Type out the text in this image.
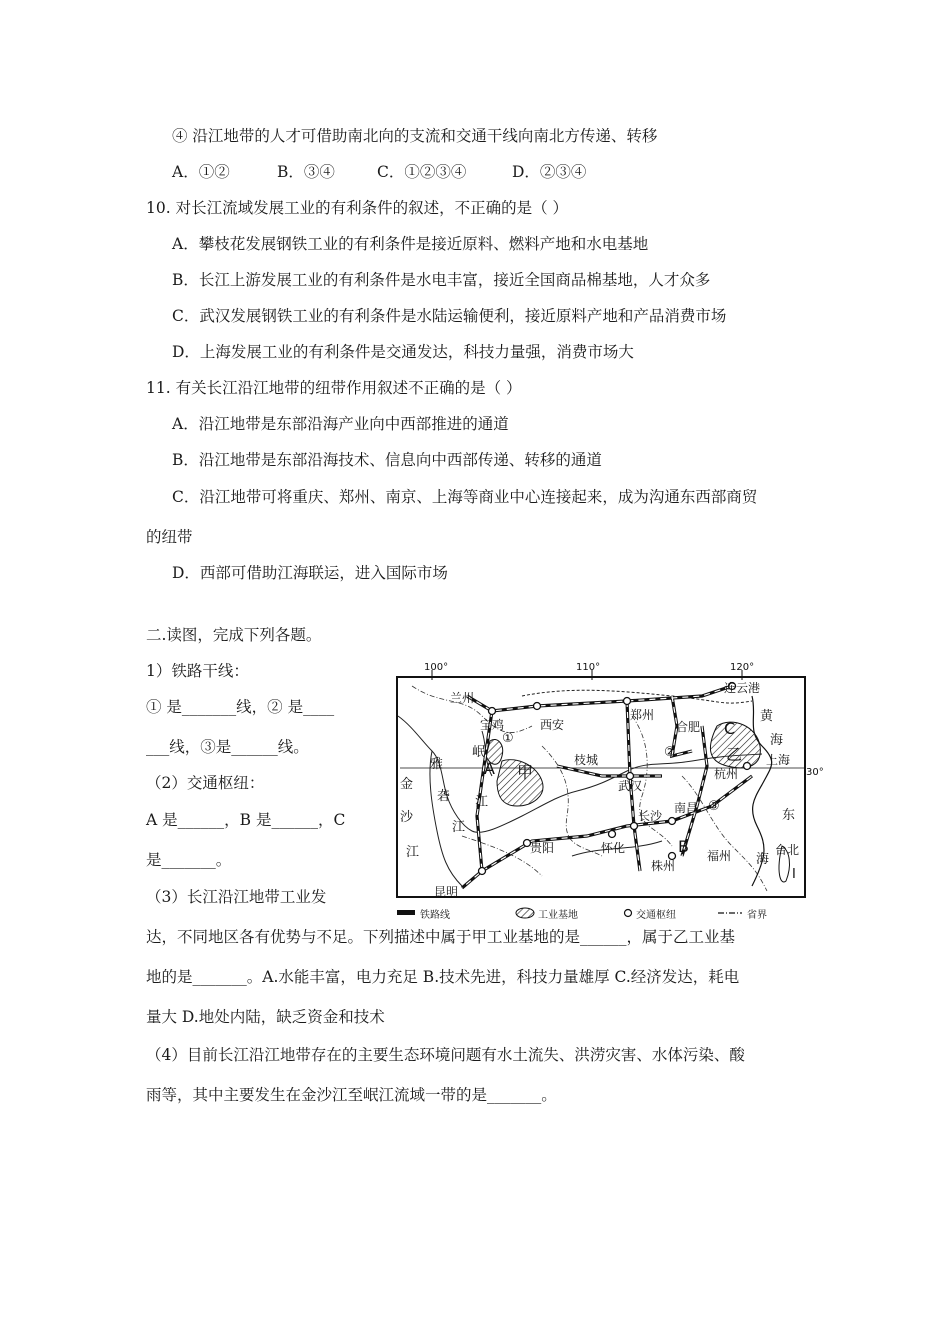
④ 沿江地带的人才可借助南北向的支流和交通干线向南北方传递、转移
A．①②	B．③④	C．①②③④	D．②③④
10. 对长江流域发展工业的有利条件的叙述，不正确的是（ ）
A．攀枝花发展钢铁工业的有利条件是接近原料、燃料产地和水电基地
B．长江上游发展工业的有利条件是水电丰富，接近全国商品棉基地，人才众多
C．武汉发展钢铁工业的有利条件是水陆运输便利，接近原料产地和产品消费市场
D．上海发展工业的有利条件是交通发达，科技力量强，消费市场大
11. 有关长江沿江地带的纽带作用叙述不正确的是（ ）
A．沿江地带是东部沿海产业向中西部推进的通道
B．沿江地带是东部沿海技术、信息向中西部传递、转移的通道
C．沿江地带可将重庆、郑州、南京、上海等商业中心连接起来，成为沟通东西部商贸
的纽带
D．西部可借助江海联运，进入国际市场
二.读图，完成下列各题。
1）铁路干线：
① 是_______线，② 是____
___线，③是______线。
（2）交通枢纽：
A 是______，B 是______，C
是_______。
（3）长江沿江地带工业发
达，不同地区各有优势与不足。下列描述中属于甲工业基地的是______，属于乙工业基
地的是_______。A.水能丰富，电力充足 B.技术先进，科技力量雄厚 C.经济发达，耗电
量大 D.地处内陆，缺乏资金和技术
（4）目前长江沿江地带存在的主要生态环境问题有水土流失、洪涝灾害、水体污染、酸
雨等，其中主要发生在金沙江至岷江流域一带的是_______。
100°	110°	120°
30°
兰州
宝鸡	西安
郑州
连云港
合肥
上海
杭州
枝城
武汉
长沙
南昌
贵阳	怀化
株州
福州
昆明
台北
金
沙
江
雅
砻
江
岷
江
黄
海
东
海
A
B
C
甲
乙
①
②
③
I
铁路线	工业基地	交通枢纽	省界
